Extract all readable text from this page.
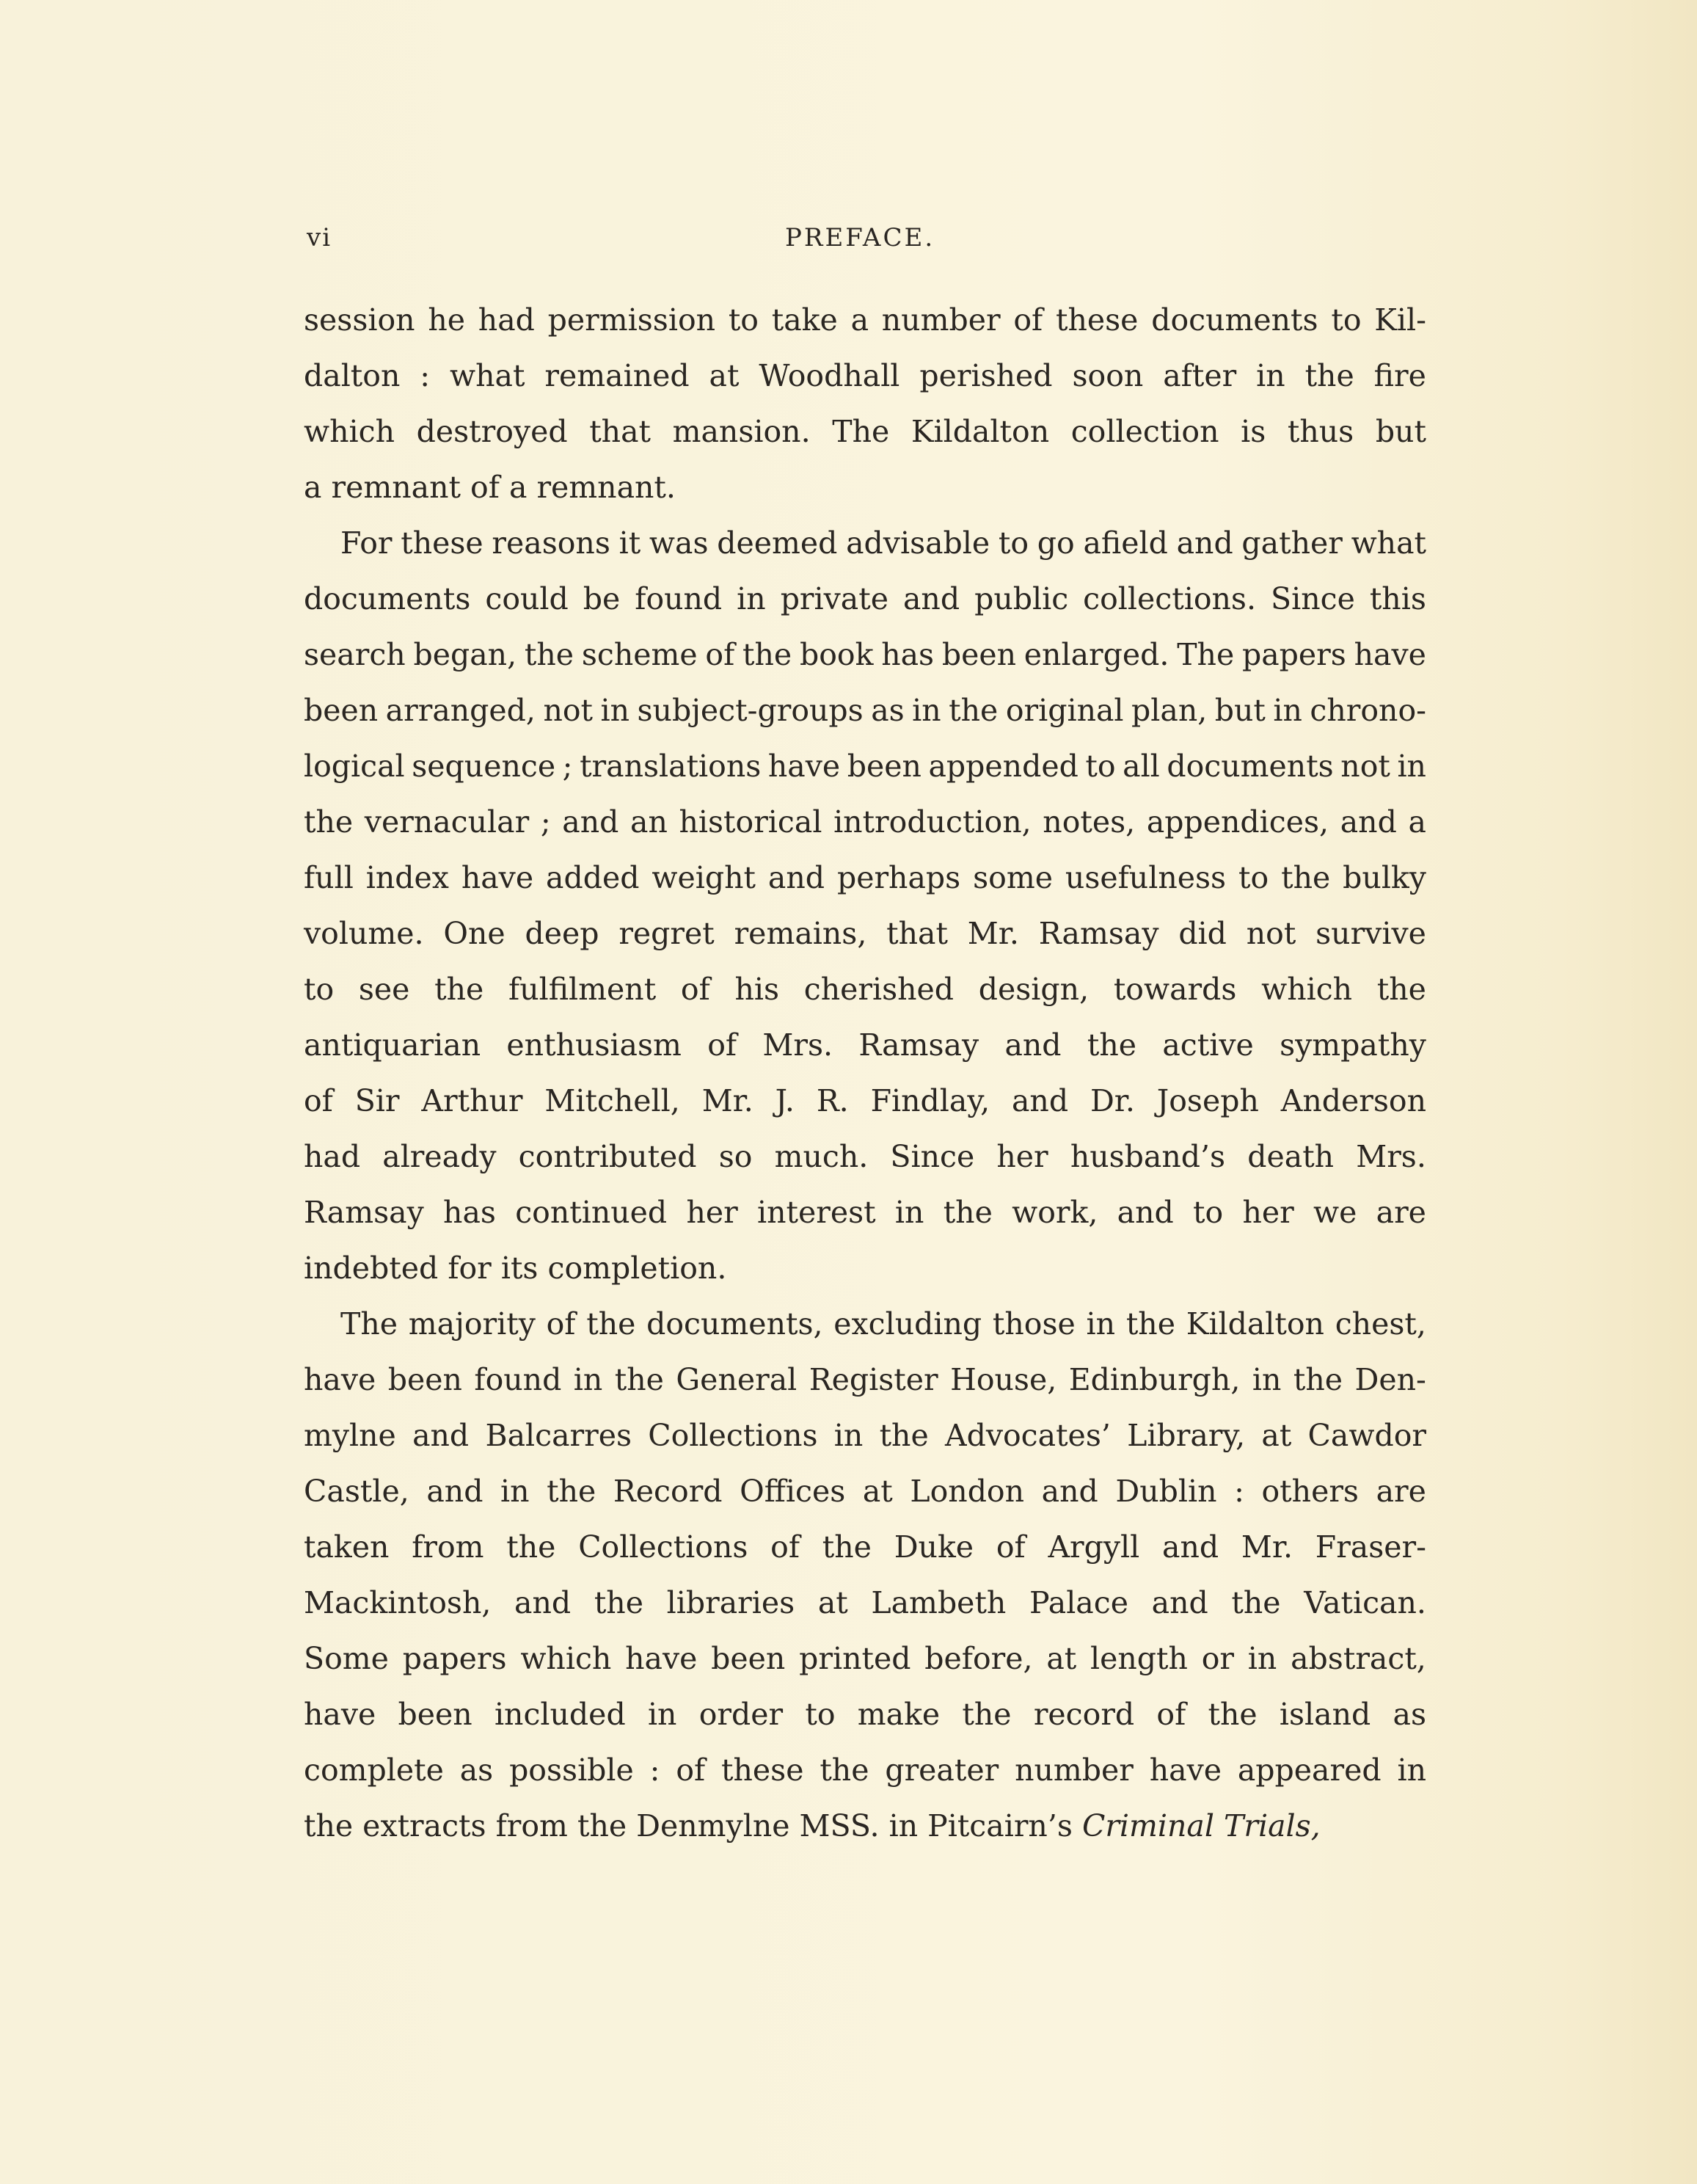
vi	PREFACE.
session he had permission to take a number of these documents to Kil-
dalton : what remained at Woodhall perished soon after in the fire
which destroyed that mansion. The Kildalton collection is thus but
a
remnant
of
a
remnant.
For these reasons it was deemed advisable to go afield and gather what
documents could be found in private and public collections. Since this
search began, the scheme of the book has been enlarged. The papers have
been arranged, not in subject-groups as in the original plan, but in chrono-
logical sequence ; translations have been appended to all documents not in
the vernacular ; and an historical introduction, notes, appendices, and a
full index have added weight and perhaps some usefulness to the bulky
volume. One deep regret remains, that Mr. Ramsay did not survive
to see the fulfilment of his cherished design, towards which the
antiquarian enthusiasm of Mrs. Ramsay and the active sympathy
of Sir Arthur Mitchell, Mr. J. R. Findlay, and Dr. Joseph Anderson
had already contributed so much. Since her husband’s death Mrs.
Ramsay has continued her interest in the work, and to her we are
indebted
for
its
completion.
The majority of the documents, excluding those in the Kildalton chest,
have been found in the General Register House, Edinburgh, in the Den-
mylne and Balcarres Collections in the Advocates’ Library, at Cawdor
Castle, and in the Record Offices at London and Dublin : others are
taken from the Collections of the Duke of Argyll and Mr. Fraser-
Mackintosh, and the libraries at Lambeth Palace and the Vatican.
Some papers which have been printed before, at length or in abstract,
have been included in order to make the record of the island as
complete as possible : of these the greater number have appeared in
the extracts from the Denmylne MSS. in Pitcairn’s Criminal Trials,
